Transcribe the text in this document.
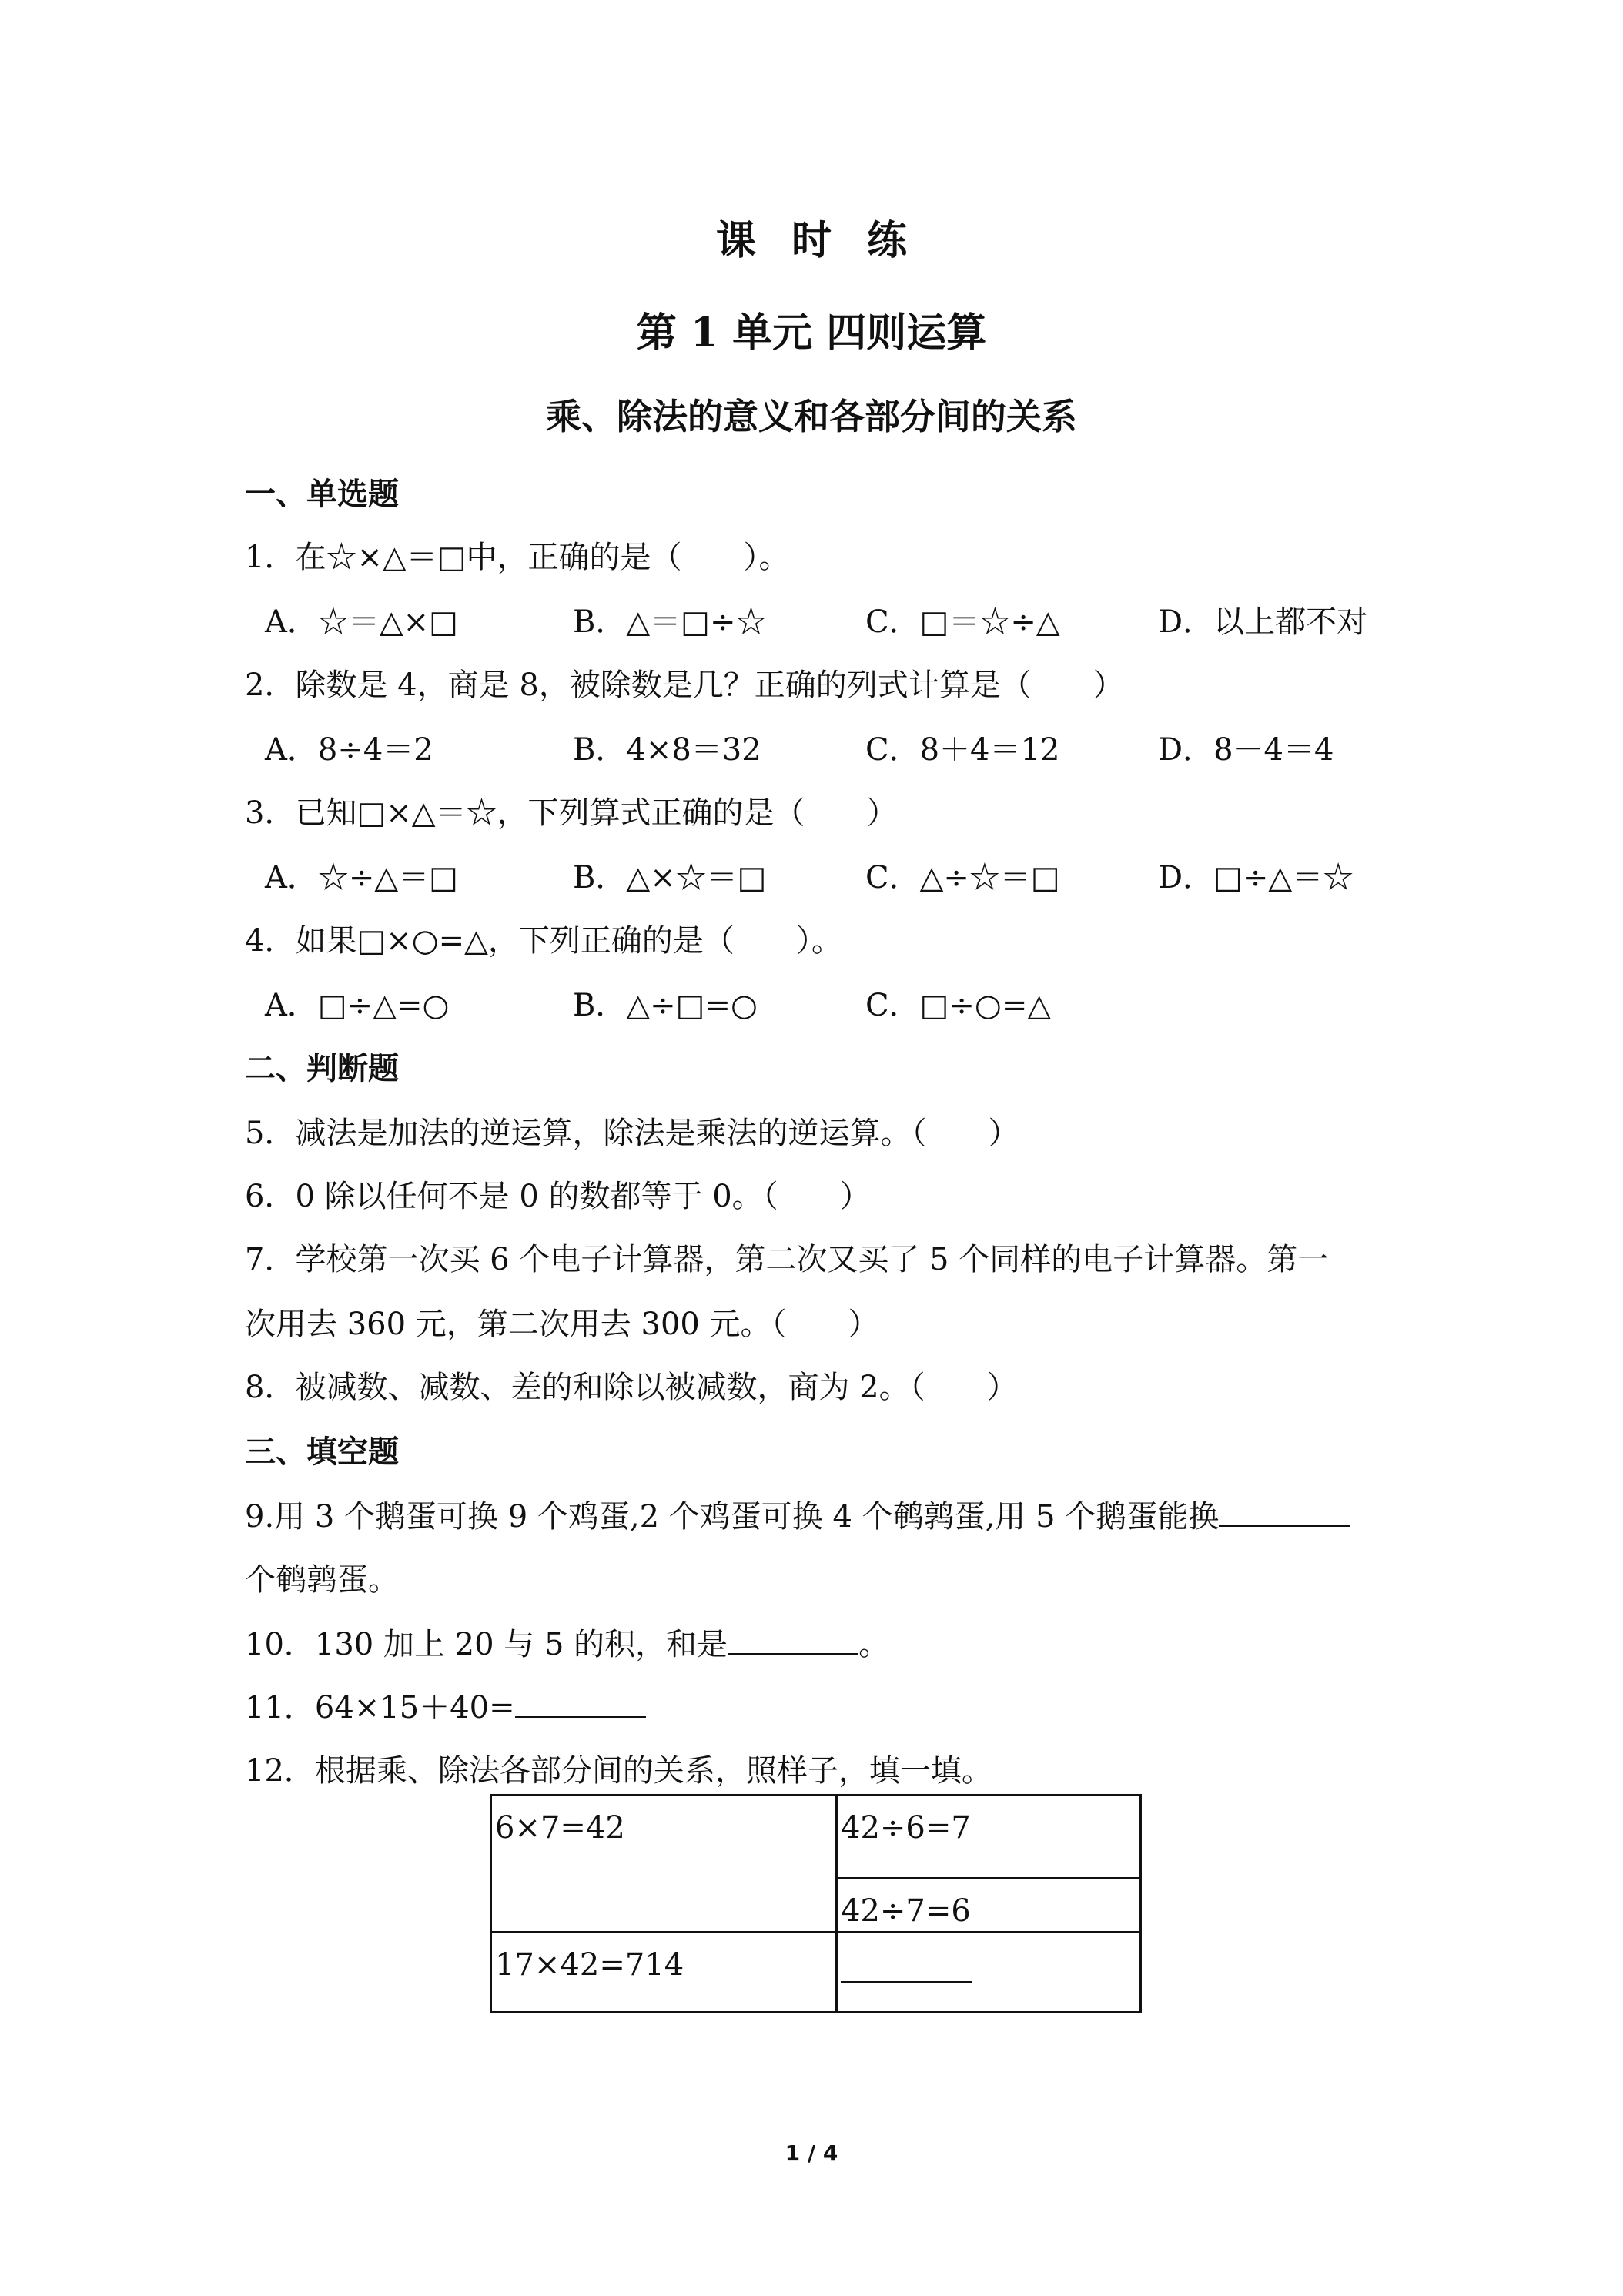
课时练
第 1 单元 四则运算
乘、除法的意义和各部分间的关系
一、单选题
1．在☆×△＝□中，正确的是（　　）。
A．☆＝△×□	B．△＝□÷☆	C．□＝☆÷△	D．以上都不对
2．除数是 4，商是 8，被除数是几？正确的列式计算是（　　）
A．8÷4＝2	B．4×8＝32	C．8＋4＝12	D．8－4＝4
3．已知□×△＝☆，下列算式正确的是（　　）
A．☆÷△＝□	B．△×☆＝□	C．△÷☆＝□	D．□÷△＝☆
4．如果□×○=△，下列正确的是（　　）。
A．□÷△=○	B．△÷□=○	C．□÷○=△
二、判断题
5．减法是加法的逆运算，除法是乘法的逆运算。（　　）
6．0 除以任何不是 0 的数都等于 0。（　　）
7．学校第一次买 6 个电子计算器，第二次又买了 5 个同样的电子计算器。第一
次用去 360 元，第二次用去 300 元。（　　）
8．被减数、减数、差的和除以被减数，商为 2。（　　）
三、填空题
9.用 3 个鹅蛋可换 9 个鸡蛋,2 个鸡蛋可换 4 个鹌鹑蛋,用 5 个鹅蛋能换
个鹌鹑蛋。
10．130 加上 20 与 5 的积，和是	。
11．64×15＋40=
12．根据乘、除法各部分间的关系，照样子，填一填。
6×7=42	42÷6=7
	42÷7=6
17×42=714	
1 / 4
